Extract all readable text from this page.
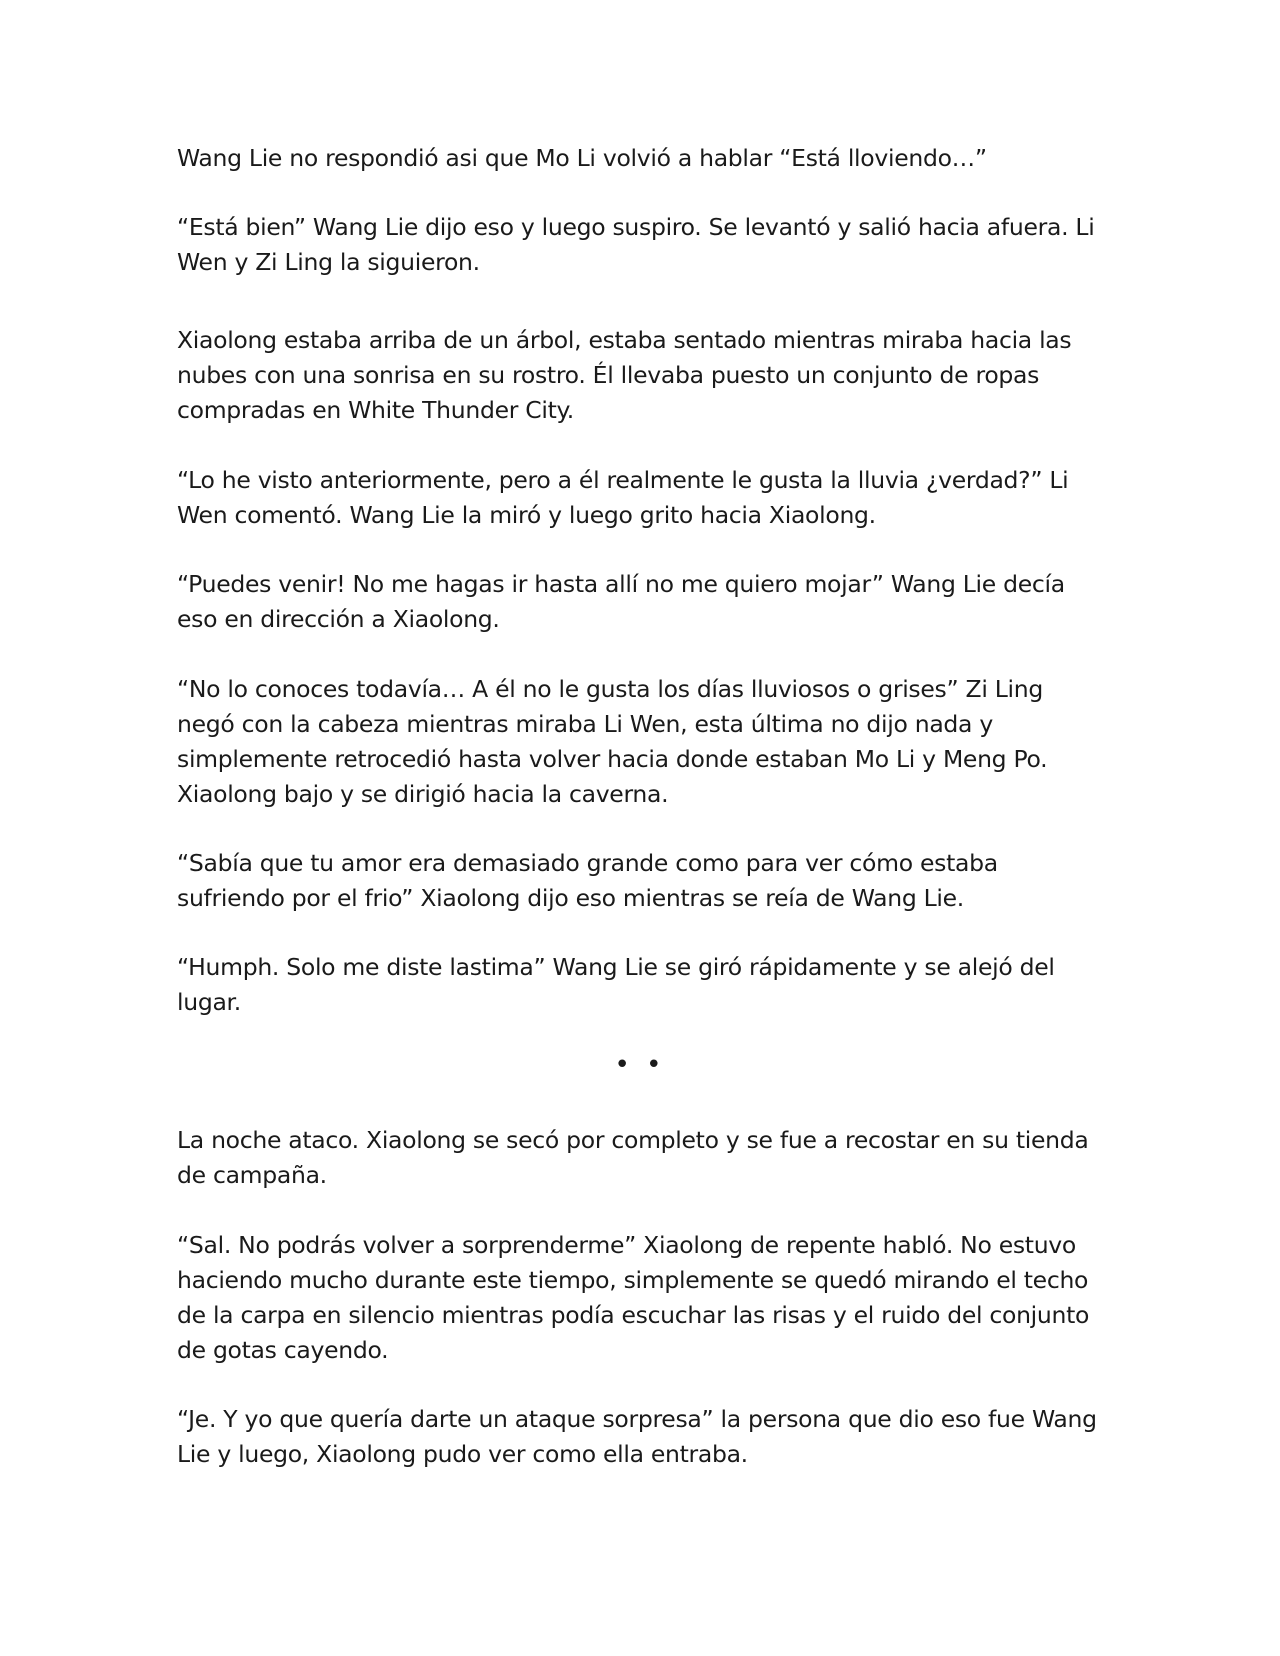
Wang Lie no respondió asi que Mo Li volvió a hablar “Está lloviendo…”

“Está bien” Wang Lie dijo eso y luego suspiro. Se levantó y salió hacia afuera. Li Wen y Zi Ling la siguieron.

Xiaolong estaba arriba de un árbol, estaba sentado mientras miraba hacia las nubes con una sonrisa en su rostro. Él llevaba puesto un conjunto de ropas compradas en White Thunder City.

“Lo he visto anteriormente, pero a él realmente le gusta la lluvia ¿verdad?” Li Wen comentó. Wang Lie la miró y luego grito hacia Xiaolong.

“Puedes venir! No me hagas ir hasta allí no me quiero mojar” Wang Lie decía eso en dirección a Xiaolong.

“No lo conoces todavía… A él no le gusta los días lluviosos o grises” Zi Ling negó con la cabeza mientras miraba Li Wen, esta última no dijo nada y simplemente retrocedió hasta volver hacia donde estaban Mo Li y Meng Po. Xiaolong bajo y se dirigió hacia la caverna.

“Sabía que tu amor era demasiado grande como para ver cómo estaba sufriendo por el frio” Xiaolong dijo eso mientras se reía de Wang Lie.

“Humph. Solo me diste lastima” Wang Lie se giró rápidamente y se alejó del lugar.

• •

La noche ataco. Xiaolong se secó por completo y se fue a recostar en su tienda de campaña.

“Sal. No podrás volver a sorprenderme” Xiaolong de repente habló. No estuvo haciendo mucho durante este tiempo, simplemente se quedó mirando el techo de la carpa en silencio mientras podía escuchar las risas y el ruido del conjunto de gotas cayendo.

“Je. Y yo que quería darte un ataque sorpresa” la persona que dio eso fue Wang Lie y luego, Xiaolong pudo ver como ella entraba.
